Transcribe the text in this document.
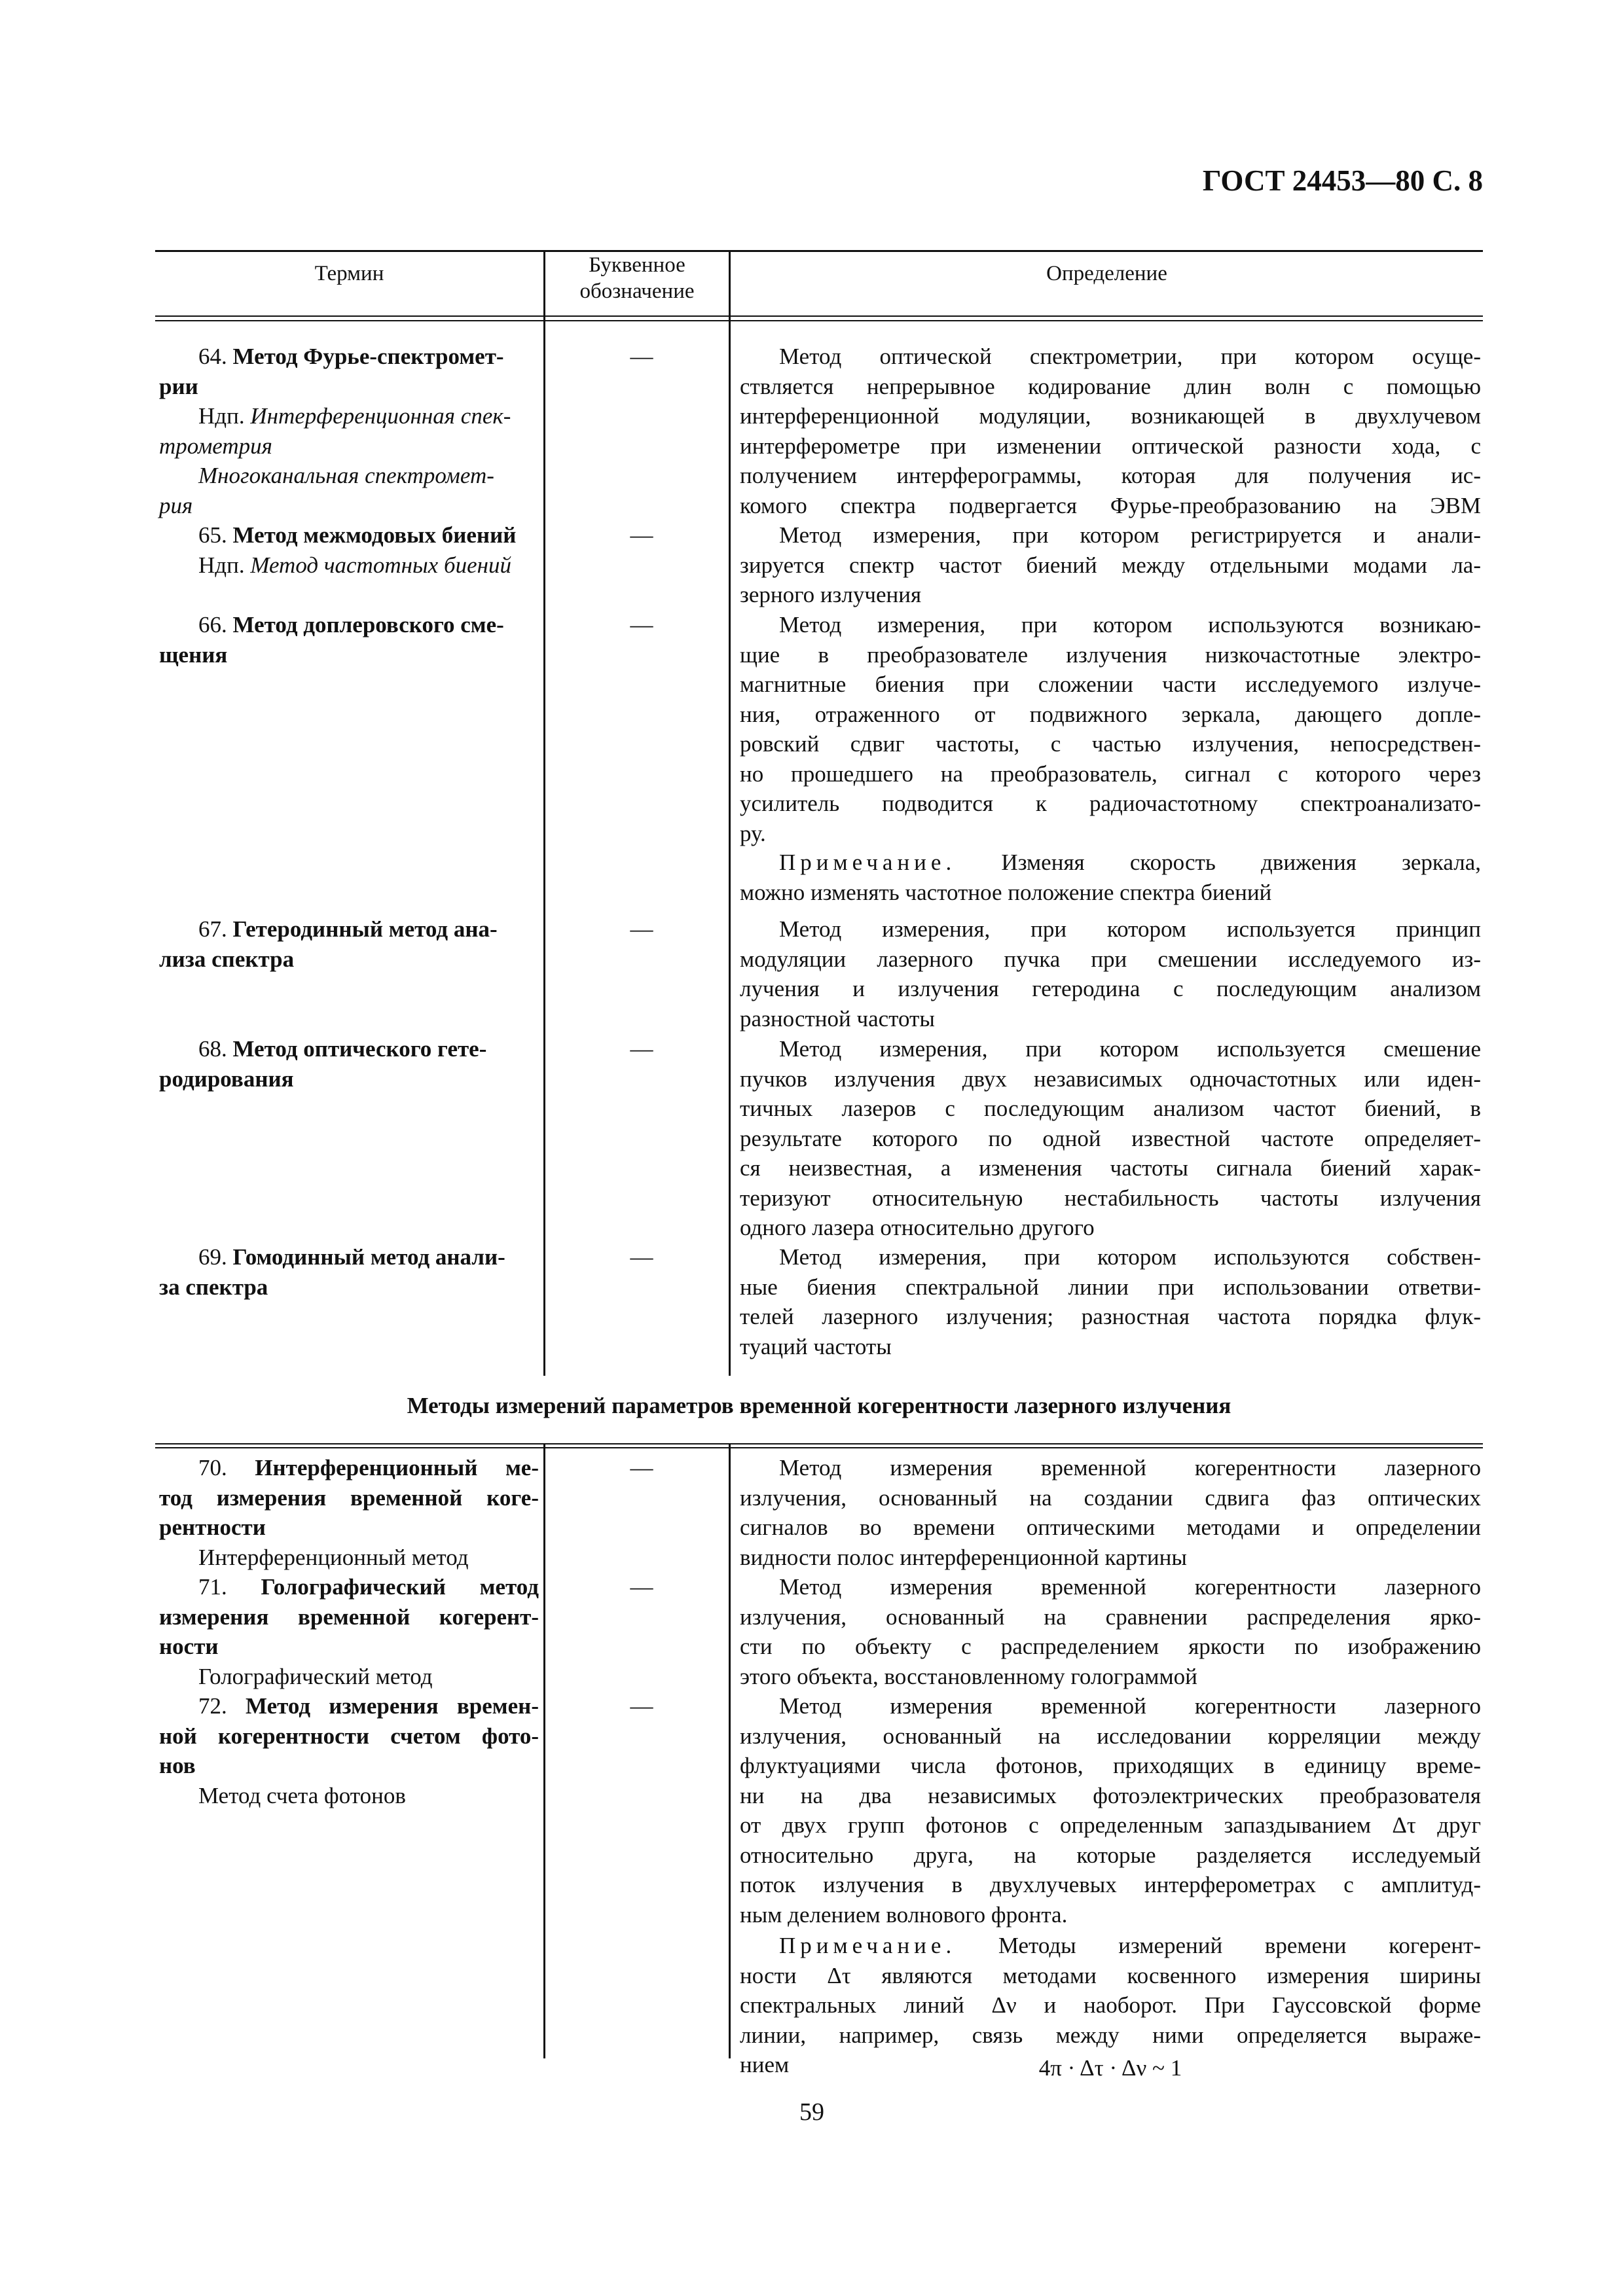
ГОСТ 24453—80 С. 8
Термин	Буквенное обозначение
Определение
64. Метод Фурье-спектромет-
рии
Ндп. Интерференционная спек-
трометрия
Многоканальная спектромет-
рия
—	Метод оптической спектрометрии, при котором осуще-
ствляется непрерывное кодирование длин волн с помощью
интерференционной модуляции, возникающей в двухлучевом
интерферометре при изменении оптической разности хода, с
получением интерферограммы, которая для получения ис-
комого спектра подвергается Фурье-преобразованию на ЭВМ
65. Метод межмодовых биений
Ндп. Метод частотных биений
—	Метод измерения, при котором регистрируется и анали-
зируется спектр частот биений между отдельными модами ла-
зерного излучения
66. Метод доплеровского сме-
щения
—	Метод измерения, при котором используются возникаю-
щие в преобразователе излучения низкочастотные электро-
магнитные биения при сложении части исследуемого излуче-
ния, отраженного от подвижного зеркала, дающего допле-
ровский сдвиг частоты, с частью излучения, непосредствен-
но прошедшего на преобразователь, сигнал с которого через
усилитель подводится к радиочастотному спектроанализато-
ру.
Примечание. Изменяя скорость движения зеркала,
можно изменять частотное положение спектра биений
67. Гетеродинный метод ана-
лиза спектра
—	Метод измерения, при котором используется принцип
модуляции лазерного пучка при смешении исследуемого из-
лучения и излучения гетеродина с последующим анализом
разностной частоты
68. Метод оптического гете-
родирования
—	Метод измерения, при котором используется смешение
пучков излучения двух независимых одночастотных или иден-
тичных лазеров с последующим анализом частот биений, в
результате которого по одной известной частоте определяет-
ся неизвестная, а изменения частоты сигнала биений харак-
теризуют относительную нестабильность частоты излучения
одного лазера относительно другого
69. Гомодинный метод анали-
за спектра
—	Метод измерения, при котором используются собствен-
ные биения спектральной линии при использовании ответви-
телей лазерного излучения; разностная частота порядка флук-
туаций частоты
Методы измерений параметров временной когерентности лазерного излучения
70. Интерференционный ме-
тод измерения временной коге-
рентности
Интерференционный метод
—	Метод измерения временной когерентности лазерного
излучения, основанный на создании сдвига фаз оптических
сигналов во времени оптическими методами и определении
видности полос интерференционной картины
71. Голографический метод
измерения временной когерент-
ности
Голографический метод
—	Метод измерения временной когерентности лазерного
излучения, основанный на сравнении распределения ярко-
сти по объекту с распределением яркости по изображению
этого объекта, восстановленному голограммой
72. Метод измерения времен-
ной когерентности счетом фото-
нов
Метод счета фотонов
—	Метод измерения временной когерентности лазерного
излучения, основанный на исследовании корреляции между
флуктуациями числа фотонов, приходящих в единицу време-
ни на два независимых фотоэлектрических преобразователя
от двух групп фотонов с определенным запаздыванием Δτ друг
относительно друга, на которые разделяется исследуемый
поток излучения в двухлучевых интерферометрах с амплитуд-
ным делением волнового фронта.
Примечание. Методы измерений времени когерент-
ности Δτ являются методами косвенного измерения ширины
спектральных линий Δν и наоборот. При Гауссовской форме
линии, например, связь между ними определяется выраже-
нием	4π · Δτ · Δν ~ 1
59
